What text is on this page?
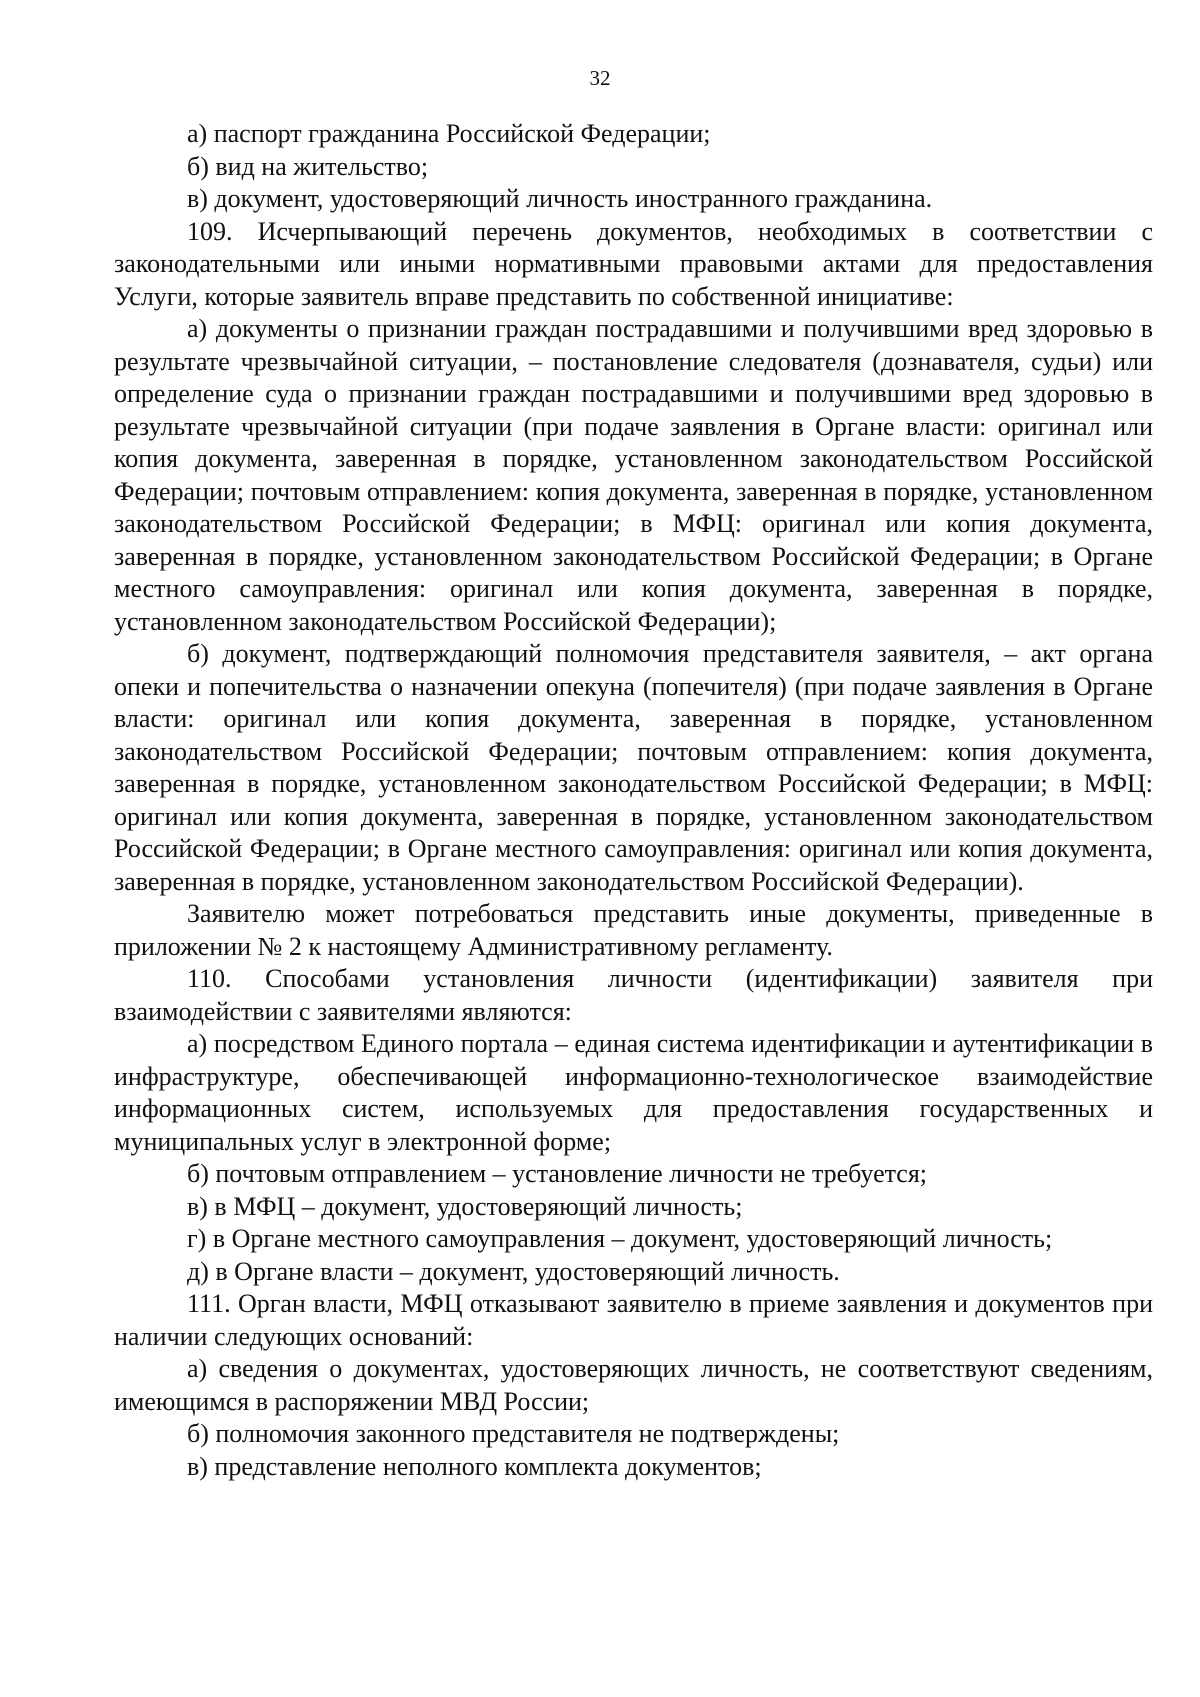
32

а) паспорт гражданина Российской Федерации;

б) вид на жительство;

в) документ, удостоверяющий личность иностранного гражданина.

109. Исчерпывающий перечень документов, необходимых в соответствии с законодательными или иными нормативными правовыми актами для предоставления Услуги, которые заявитель вправе представить по собственной инициативе:

а) документы о признании граждан пострадавшими и получившими вред здоровью в результате чрезвычайной ситуации, – постановление следователя (дознавателя, судьи) или определение суда о признании граждан пострадавшими и получившими вред здоровью в результате чрезвычайной ситуации (при подаче заявления в Органе власти: оригинал или копия документа, заверенная в порядке, установленном законодательством Российской Федерации; почтовым отправлением: копия документа, заверенная в порядке, установленном законодательством Российской Федерации; в МФЦ: оригинал или копия документа, заверенная в порядке, установленном законодательством Российской Федерации; в Органе местного самоуправления: оригинал или копия документа, заверенная в порядке, установленном законодательством Российской Федерации);

б) документ, подтверждающий полномочия представителя заявителя, – акт органа опеки и попечительства о назначении опекуна (попечителя) (при подаче заявления в Органе власти: оригинал или копия документа, заверенная в порядке, установленном законодательством Российской Федерации; почтовым отправлением: копия документа, заверенная в порядке, установленном законодательством Российской Федерации; в МФЦ: оригинал или копия документа, заверенная в порядке, установленном законодательством Российской Федерации; в Органе местного самоуправления: оригинал или копия документа, заверенная в порядке, установленном законодательством Российской Федерации).

Заявителю может потребоваться представить иные документы, приведенные в приложении № 2 к настоящему Административному регламенту.

110. Способами установления личности (идентификации) заявителя при взаимодействии с заявителями являются:

а) посредством Единого портала – единая система идентификации и аутентификации в инфраструктуре, обеспечивающей информационно-технологическое взаимодействие информационных систем, используемых для предоставления государственных и муниципальных услуг в электронной форме;

б) почтовым отправлением – установление личности не требуется;

в) в МФЦ – документ, удостоверяющий личность;

г) в Органе местного самоуправления – документ, удостоверяющий личность;

д) в Органе власти – документ, удостоверяющий личность.

111. Орган власти, МФЦ отказывают заявителю в приеме заявления и документов при наличии следующих оснований:

а) сведения о документах, удостоверяющих личность, не соответствуют сведениям, имеющимся в распоряжении МВД России;

б) полномочия законного представителя не подтверждены;

в) представление неполного комплекта документов;
